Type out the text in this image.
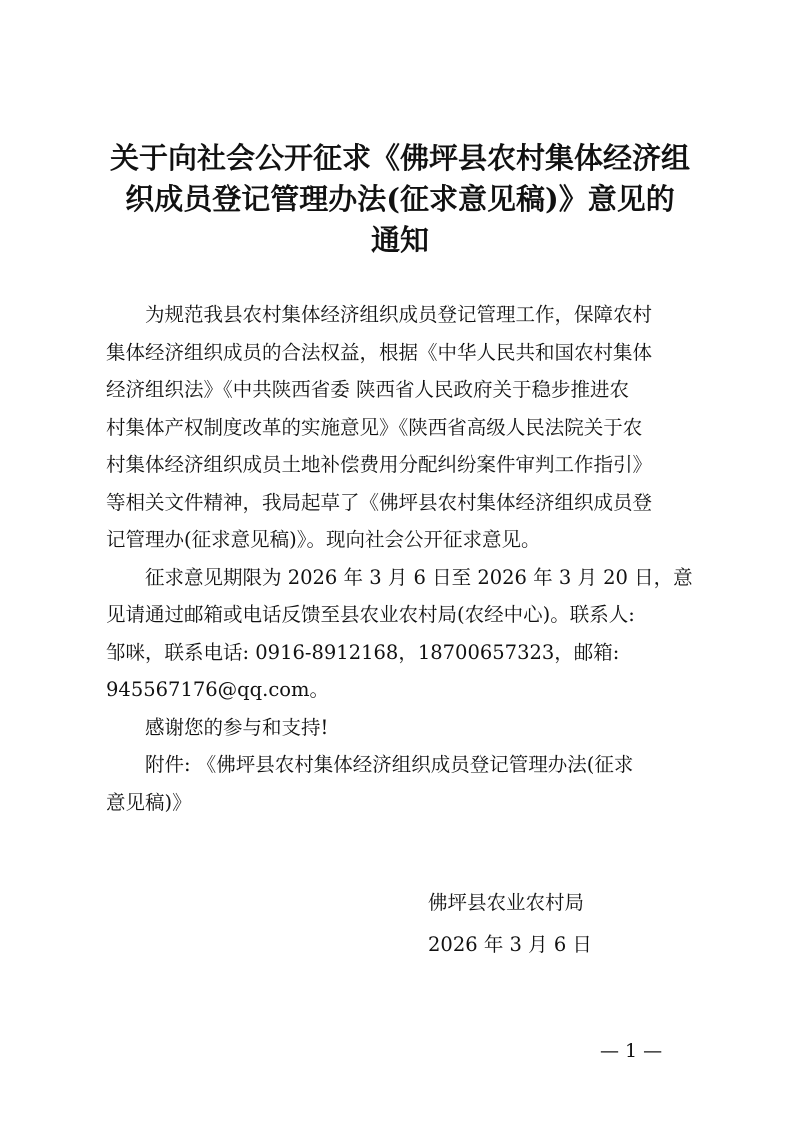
关于向社会公开征求《佛坪县农村集体经济组
织成员登记管理办法(征求意见稿)》意见的
通知

为规范我县农村集体经济组织成员登记管理工作，保障农村
集体经济组织成员的合法权益，根据《中华人民共和国农村集体
经济组织法》《中共陕西省委 陕西省人民政府关于稳步推进农
村集体产权制度改革的实施意见》《陕西省高级人民法院关于农
村集体经济组织成员土地补偿费用分配纠纷案件审判工作指引》
等相关文件精神，我局起草了《佛坪县农村集体经济组织成员登
记管理办(征求意见稿)》。现向社会公开征求意见。

征求意见期限为 2026 年 3 月 6 日至 2026 年 3 月 20 日，意
见请通过邮箱或电话反馈至县农业农村局(农经中心)。联系人:
邹咪，联系电话: 0916-8912168，18700657323，邮箱:
945567176@qq.com。

感谢您的参与和支持!

附件: 《佛坪县农村集体经济组织成员登记管理办法(征求
意见稿)》

佛坪县农业农村局
2026 年 3 月 6 日
— 1 —
